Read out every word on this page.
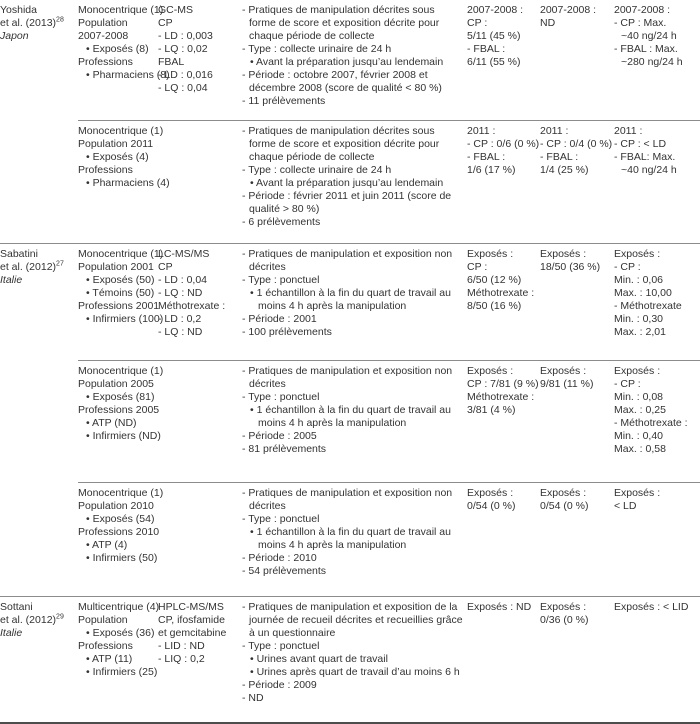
Yoshida
et al. $(2013)^{28}$
Japon
Monocentrique (1)
Population
2007-2008
• Exposés (8)
Professions
• Pharmaciens (8)
GC-MS
CP
- LD : 0,003
- LQ : 0,02
FBAL
- LD : 0,016
- LQ : 0,04
- Pratiques de manipulation décrites sous forme de score et exposition décrite pour chaque période de collecte
- Type : collecte urinaire de 24 h
• Avant la préparation jusqu’au lendemain
- Période : octobre 2007, février 2008 et décembre 2008 (score de qualité < 80 %)
- 11 prélèvements
2007-2008 :
CP :
5/11 (45 %)
- FBAL :
6/11 (55 %)
2007-2008 :
ND
2007-2008 :
- CP : Max.
~40 ng/24 h
- FBAL : Max.
~280 ng/24 h
Monocentrique (1)
Population 2011
• Exposés (4)
Professions
• Pharmaciens (4)
- Pratiques de manipulation décrites sous forme de score et exposition décrite pour chaque période de collecte
- Type : collecte urinaire de 24 h
• Avant la préparation jusqu’au lendemain
- Période : février 2011 et juin 2011 (score de qualité > 80 %)
- 6 prélèvements
2011 :
- CP : 0/6 (0 %)
- FBAL :
1/6 (17 %)
2011 :
- CP : 0/4 (0 %)
- FBAL :
1/4 (25 %)
2011 :
- CP : < LD
- FBAL: Max.
~40 ng/24 h
Sabatini
et al. $(2012)^{27}$
Italie
Monocentrique (1)
Population 2001
• Exposés (50)
• Témoins (50)
Professions 2001
• Infirmiers (100)
LC-MS/MS
CP
- LD : 0,04
- LQ : ND
Méthotrexate :
- LD : 0,2
- LQ : ND
- Pratiques de manipulation et exposition non décrites
- Type : ponctuel
• 1 échantillon à la fin du quart de travail au moins 4 h après la manipulation
- Période : 2001
- 100 prélèvements
Exposés :
CP :
6/50 (12 %)
Méthotrexate :
8/50 (16 %)
Exposés :
18/50 (36 %)
Exposés :
- CP :
Min. : 0,06
Max. : 10,00
- Méthotrexate
Min. : 0,30
Max. : 2,01
Monocentrique (1)
Population 2005
• Exposés (81)
Professions 2005
• ATP (ND)
• Infirmiers (ND)
- Pratiques de manipulation et exposition non décrites
- Type : ponctuel
• 1 échantillon à la fin du quart de travail au moins 4 h après la manipulation
- Période : 2005
- 81 prélèvements
Exposés :
CP : 7/81 (9 %)
Méthotrexate :
3/81 (4 %)
Exposés :
9/81 (11 %)
Exposés :
- CP :
Min. : 0,08
Max. : 0,25
- Méthotrexate :
Min. : 0,40
Max. : 0,58
Monocentrique (1)
Population 2010
• Exposés (54)
Professions 2010
• ATP (4)
• Infirmiers (50)
- Pratiques de manipulation et exposition non décrites
- Type : ponctuel
• 1 échantillon à la fin du quart de travail au moins 4 h après la manipulation
- Période : 2010
- 54 prélèvements
Exposés :
0/54 (0 %)
Exposés :
0/54 (0 %)
Exposés :
< LD
Sottani
et al. $(2012)^{29}$
Italie
Multicentrique (4)
Population
• Exposés (36)
Professions
• ATP (11)
• Infirmiers (25)
HPLC-MS/MS
CP, ifosfamide
et gemcitabine
- LID : ND
- LIQ : 0,2
- Pratiques de manipulation et exposition de la journée de recueil décrites et recueillies grâce à un questionnaire
- Type : ponctuel
• Urines avant quart de travail
• Urines après quart de travail d’au moins 6 h
- Période : 2009
- ND
Exposés : ND Exposés :
0/36 (0 %)
Exposés : < LID
